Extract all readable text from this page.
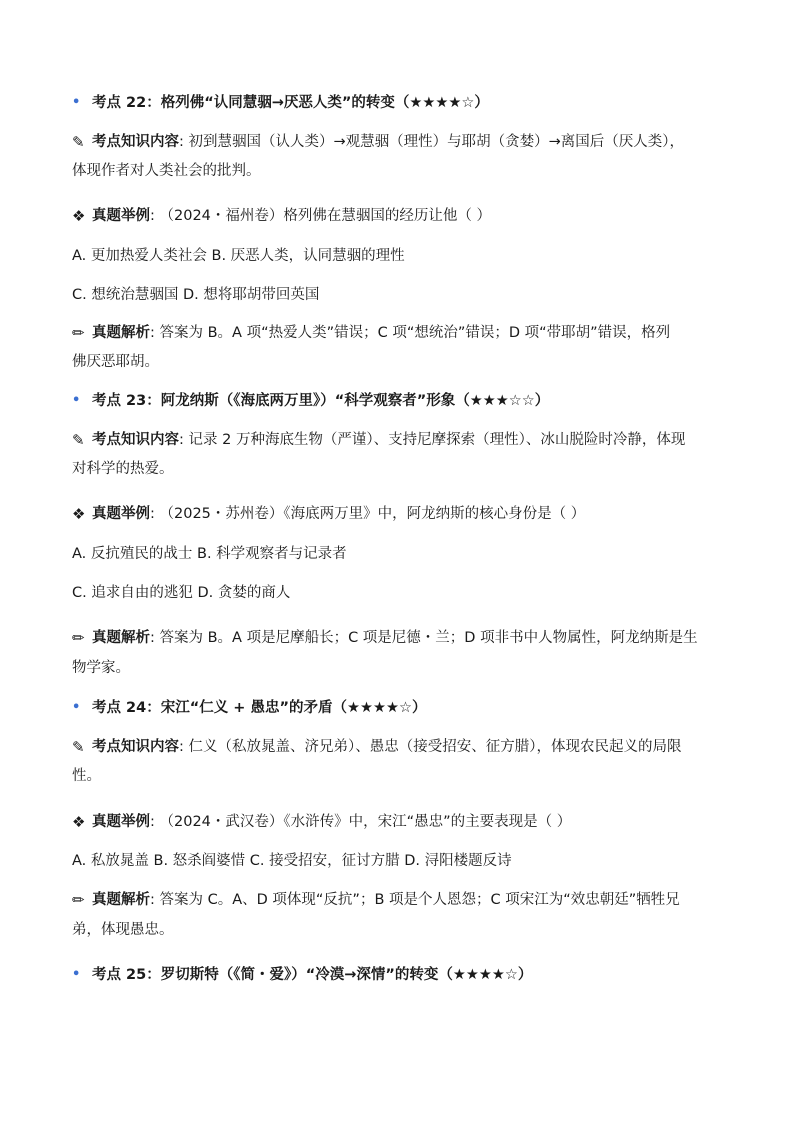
• 考点 22：格列佛“认同慧骃→厌恶人类”的转变（★★★★☆）
✎ 考点知识内容: 初到慧骃国（认人类）→观慧骃（理性）与耶胡（贪婪）→离国后（厌人类），
体现作者对人类社会的批判。
❖ 真题举例: （2024・福州卷）格列佛在慧骃国的经历让他（ ）
A. 更加热爱人类社会 B. 厌恶人类，认同慧骃的理性
C. 想统治慧骃国 D. 想将耶胡带回英国
✏ 真题解析: 答案为 B。A 项“热爱人类”错误；C 项“想统治”错误；D 项“带耶胡”错误，格列
佛厌恶耶胡。
• 考点 23：阿龙纳斯（《海底两万里》）“科学观察者”形象（★★★☆☆）
✎ 考点知识内容: 记录 2 万种海底生物（严谨）、支持尼摩探索（理性）、冰山脱险时冷静，体现
对科学的热爱。
❖ 真题举例: （2025・苏州卷）《海底两万里》中，阿龙纳斯的核心身份是（ ）
A. 反抗殖民的战士 B. 科学观察者与记录者
C. 追求自由的逃犯 D. 贪婪的商人
✏ 真题解析: 答案为 B。A 项是尼摩船长；C 项是尼德・兰；D 项非书中人物属性，阿龙纳斯是生
物学家。
• 考点 24：宋江“仁义 + 愚忠”的矛盾（★★★★☆）
✎ 考点知识内容: 仁义（私放晁盖、济兄弟）、愚忠（接受招安、征方腊），体现农民起义的局限
性。
❖ 真题举例: （2024・武汉卷）《水浒传》中，宋江“愚忠”的主要表现是（ ）
A. 私放晁盖 B. 怒杀阎婆惜 C. 接受招安，征讨方腊 D. 浔阳楼题反诗
✏ 真题解析: 答案为 C。A、D 项体现“反抗”；B 项是个人恩怨；C 项宋江为“效忠朝廷”牺牲兄
弟，体现愚忠。
• 考点 25：罗切斯特（《简・爱》）“冷漠→深情”的转变（★★★★☆）
